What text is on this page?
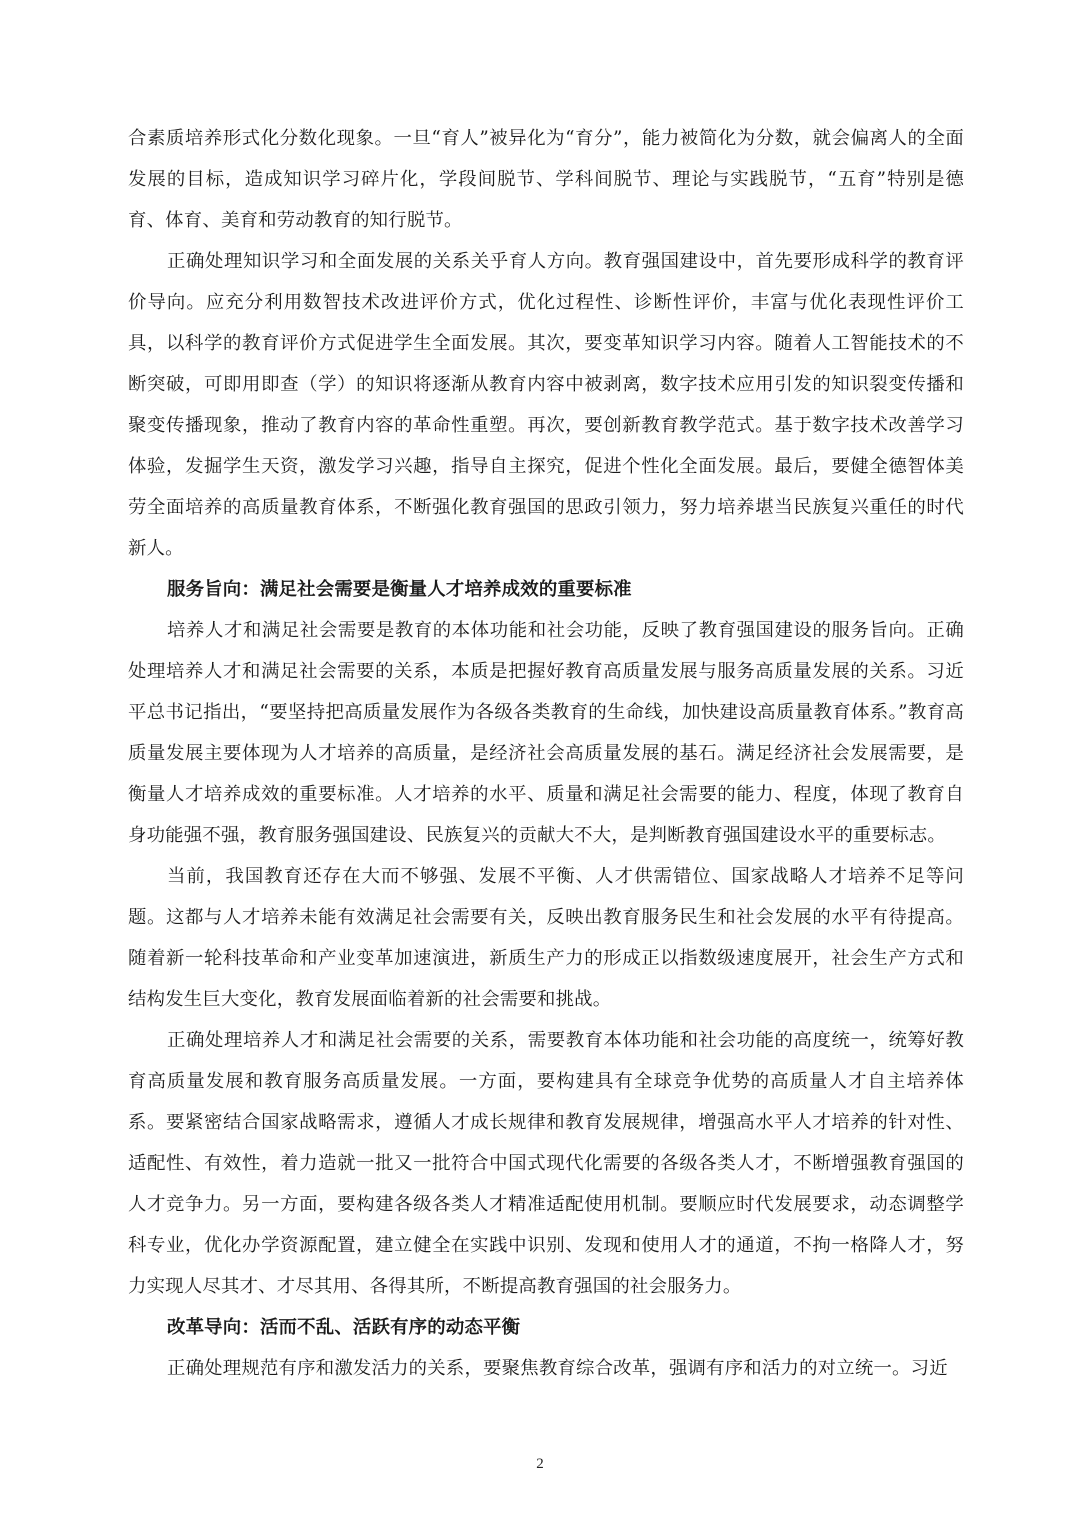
合素质培养形式化分数化现象。一旦“育人”被异化为“育分”，能力被简化为分数，就会偏离人的全面发展的目标，造成知识学习碎片化，学段间脱节、学科间脱节、理论与实践脱节，“五育”特别是德育、体育、美育和劳动教育的知行脱节。

正确处理知识学习和全面发展的关系关乎育人方向。教育强国建设中，首先要形成科学的教育评价导向。应充分利用数智技术改进评价方式，优化过程性、诊断性评价，丰富与优化表现性评价工具，以科学的教育评价方式促进学生全面发展。其次，要变革知识学习内容。随着人工智能技术的不断突破，可即用即查（学）的知识将逐渐从教育内容中被剥离，数字技术应用引发的知识裂变传播和聚变传播现象，推动了教育内容的革命性重塑。再次，要创新教育教学范式。基于数字技术改善学习体验，发掘学生天资，激发学习兴趣，指导自主探究，促进个性化全面发展。最后，要健全德智体美劳全面培养的高质量教育体系，不断强化教育强国的思政引领力，努力培养堪当民族复兴重任的时代新人。

服务旨向：满足社会需要是衡量人才培养成效的重要标准

培养人才和满足社会需要是教育的本体功能和社会功能，反映了教育强国建设的服务旨向。正确处理培养人才和满足社会需要的关系，本质是把握好教育高质量发展与服务高质量发展的关系。习近平总书记指出，“要坚持把高质量发展作为各级各类教育的生命线，加快建设高质量教育体系。”教育高质量发展主要体现为人才培养的高质量，是经济社会高质量发展的基石。满足经济社会发展需要，是衡量人才培养成效的重要标准。人才培养的水平、质量和满足社会需要的能力、程度，体现了教育自身功能强不强，教育服务强国建设、民族复兴的贡献大不大，是判断教育强国建设水平的重要标志。

当前，我国教育还存在大而不够强、发展不平衡、人才供需错位、国家战略人才培养不足等问题。这都与人才培养未能有效满足社会需要有关，反映出教育服务民生和社会发展的水平有待提高。随着新一轮科技革命和产业变革加速演进，新质生产力的形成正以指数级速度展开，社会生产方式和结构发生巨大变化，教育发展面临着新的社会需要和挑战。

正确处理培养人才和满足社会需要的关系，需要教育本体功能和社会功能的高度统一，统筹好教育高质量发展和教育服务高质量发展。一方面，要构建具有全球竞争优势的高质量人才自主培养体系。要紧密结合国家战略需求，遵循人才成长规律和教育发展规律，增强高水平人才培养的针对性、适配性、有效性，着力造就一批又一批符合中国式现代化需要的各级各类人才，不断增强教育强国的人才竞争力。另一方面，要构建各级各类人才精准适配使用机制。要顺应时代发展要求，动态调整学科专业，优化办学资源配置，建立健全在实践中识别、发现和使用人才的通道，不拘一格降人才，努力实现人尽其才、才尽其用、各得其所，不断提高教育强国的社会服务力。

改革导向：活而不乱、活跃有序的动态平衡

正确处理规范有序和激发活力的关系，要聚焦教育综合改革，强调有序和活力的对立统一。习近

2
